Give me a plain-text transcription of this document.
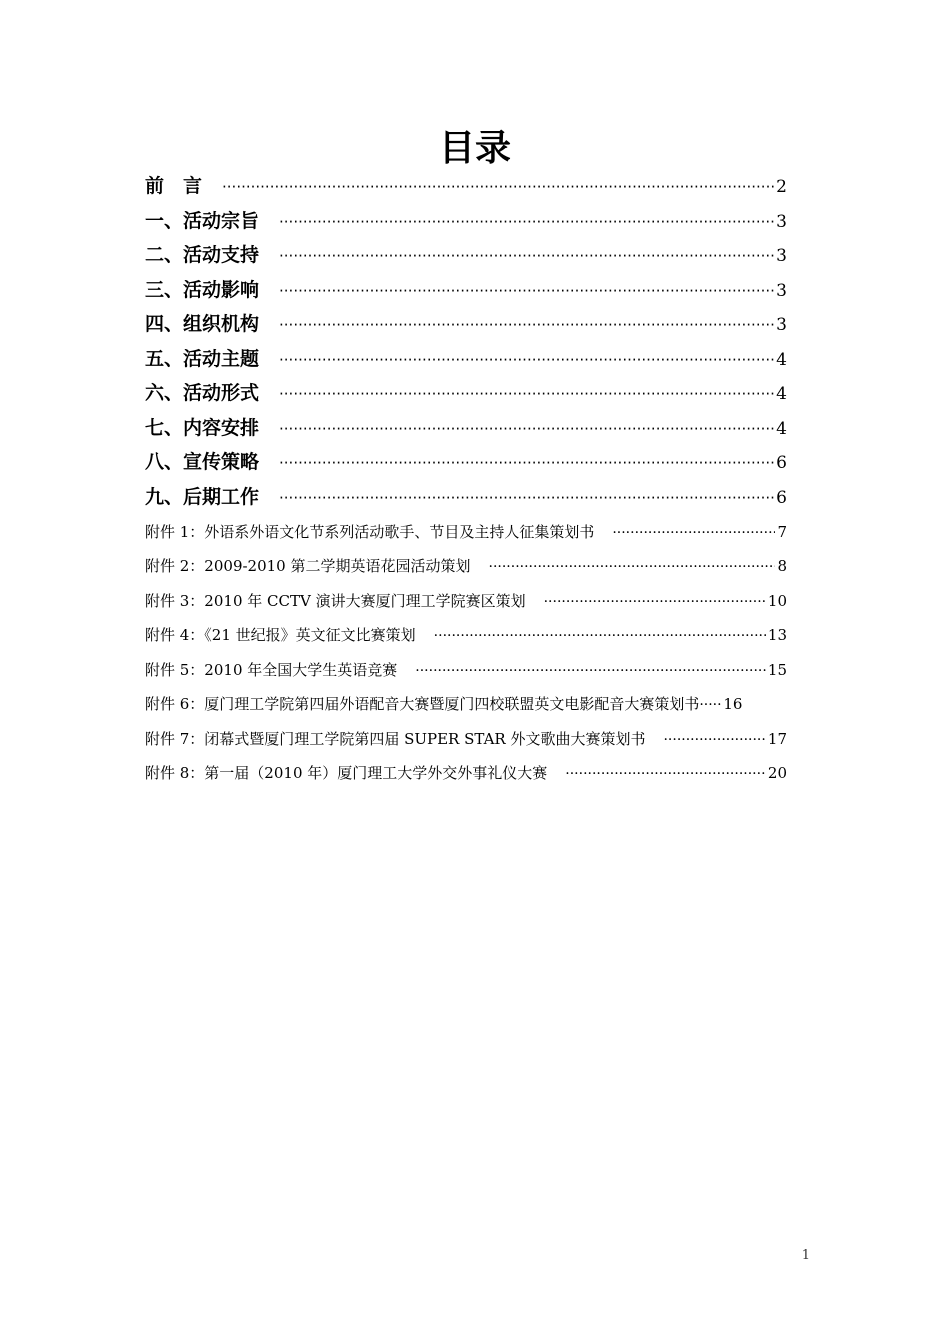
目录
前　言 ·····	2
一、活动宗旨 ·····	3
二、活动支持 ·····	3
三、活动影响 ·····	3
四、组织机构 ·····	3
五、活动主题 ·····	4
六、活动形式 ·····	4
七、内容安排 ·····	4
八、宣传策略 ·····	6
九、后期工作 ·····	6
附件 1：外语系外语文化节系列活动歌手、节目及主持人征集策划书 ·····	7
附件 2：2009-2010 第二学期英语花园活动策划 ·····	8
附件 3：2010 年 CCTV 演讲大赛厦门理工学院赛区策划 ·····	10
附件 4：《21 世纪报》英文征文比赛策划 ·····	13
附件 5：2010 年全国大学生英语竞赛 ·····	15
附件 6：厦门理工学院第四届外语配音大赛暨厦门四校联盟英文电影配音大赛策划书 ····· 16
附件 7：闭幕式暨厦门理工学院第四届 SUPER STAR 外文歌曲大赛策划书 ·····	17
附件 8：第一届（2010 年）厦门理工大学外交外事礼仪大赛 ·····	20
1
